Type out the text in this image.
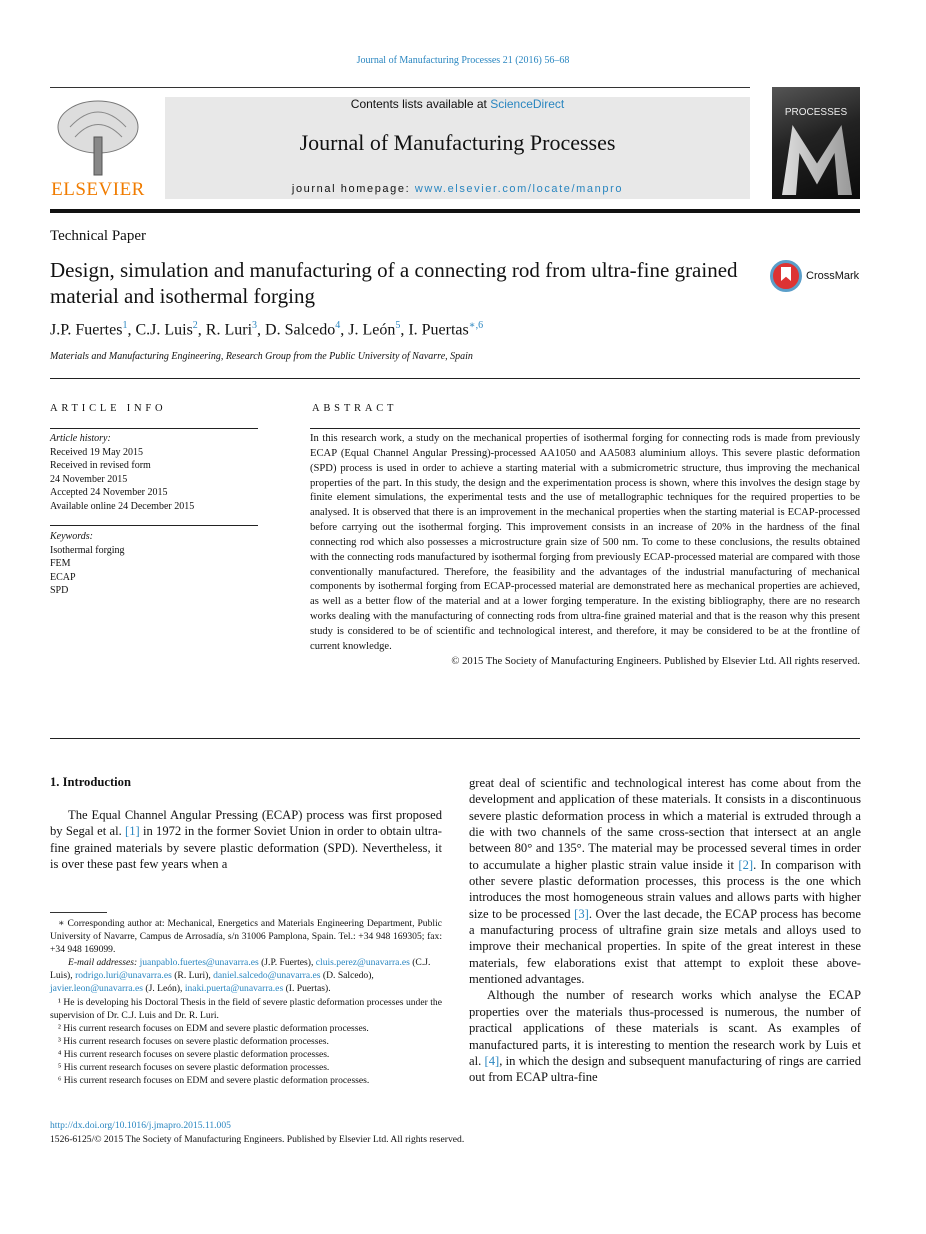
Journal of Manufacturing Processes 21 (2016) 56–68
ELSEVIER
Contents lists available at ScienceDirect
Journal of Manufacturing Processes
journal homepage: www.elsevier.com/locate/manpro
PROCESSES
Technical Paper
Design, simulation and manufacturing of a connecting rod from ultra-fine grained material and isothermal forging
CrossMark
J.P. Fuertes$^1$, C.J. Luis$^2$, R. Luri$^3$, D. Salcedo$^4$, J. León$^5$, I. Puertas$^{∗,6}$
Materials and Manufacturing Engineering, Research Group from the Public University of Navarre, Spain
ARTICLE INFO
Article history:
Received 19 May 2015
Received in revised form
24 November 2015
Accepted 24 November 2015
Available online 24 December 2015
Keywords:
Isothermal forging
FEM
ECAP
SPD
ABSTRACT
In this research work, a study on the mechanical properties of isothermal forging for connecting rods is made from previously ECAP (Equal Channel Angular Pressing)-processed AA1050 and AA5083 aluminium alloys. This severe plastic deformation (SPD) process is used in order to achieve a starting material with a submicrometric structure, thus improving the mechanical properties of the part. In this study, the design and the experimentation process is shown, where this involves the design stage by finite element simulations, the experimental tests and the use of metallographic techniques for the required properties to be analysed. It is observed that there is an improvement in the mechanical properties when the starting material is ECAP-processed before carrying out the isothermal forging. This improvement consists in an increase of 20% in the hardness of the final connecting rod which also possesses a microstructure grain size of 500 nm. To come to these conclusions, the results obtained with the connecting rods manufactured by isothermal forging from previously ECAP-processed material are compared with those conventionally manufactured. Therefore, the feasibility and the advantages of the industrial manufacturing of mechanical components by isothermal forging from ECAP-processed material are demonstrated here as mechanical properties are achieved, as well as a better flow of the material and at a lower forging temperature. In the existing bibliography, there are no research works dealing with the manufacturing of connecting rods from ultra-fine grained material and that is the reason why this present study is considered to be of scientific and technological interest, and therefore, it may be considered to be at the frontline of current knowledge.
© 2015 The Society of Manufacturing Engineers. Published by Elsevier Ltd. All rights reserved.
1. Introduction

The Equal Channel Angular Pressing (ECAP) process was first proposed by Segal et al. [1] in 1972 in the former Soviet Union in order to obtain ultra-fine grained materials by severe plastic deformation (SPD). Nevertheless, it is over these past few years when a

great deal of scientific and technological interest has come about from the development and application of these materials. It consists in a discontinuous severe plastic deformation process in which a material is extruded through a die with two channels of the same cross-section that intersect at an angle between 80° and 135°. The material may be processed several times in order to accumulate a higher plastic strain value inside it [2]. In comparison with other severe plastic deformation processes, this process is the one which introduces the most homogeneous strain values and allows parts with higher size to be processed [3]. Over the last decade, the ECAP process has become a manufacturing process of ultrafine grain size metals and alloys used to improve their mechanical properties. In spite of the great interest in these materials, few elaborations exist that attempt to exploit these above-mentioned advantages.

Although the number of research works which analyse the ECAP properties over the materials thus-processed is numerous, the number of practical applications of these materials is scant. As examples of manufactured parts, it is interesting to mention the research work by Luis et al. [4], in which the design and subsequent manufacturing of rings are carried out from ECAP ultra-fine

∗ Corresponding author at: Mechanical, Energetics and Materials Engineering Department, Public University of Navarre, Campus de Arrosadía, s/n 31006 Pamplona, Spain. Tel.: +34 948 169305; fax: +34 948 169099.

E-mail addresses: juanpablo.fuertes@unavarra.es (J.P. Fuertes), cluis.perez@unavarra.es (C.J. Luis), rodrigo.luri@unavarra.es (R. Luri), daniel.salcedo@unavarra.es (D. Salcedo), javier.leon@unavarra.es (J. León), inaki.puerta@unavarra.es (I. Puertas).

¹ He is developing his Doctoral Thesis in the field of severe plastic deformation processes under the supervision of Dr. C.J. Luis and Dr. R. Luri.

² His current research focuses on EDM and severe plastic deformation processes.

³ His current research focuses on severe plastic deformation processes.

⁴ His current research focuses on severe plastic deformation processes.

⁵ His current research focuses on severe plastic deformation processes.

⁶ His current research focuses on EDM and severe plastic deformation processes.

http://dx.doi.org/10.1016/j.jmapro.2015.11.005
1526-6125/© 2015 The Society of Manufacturing Engineers. Published by Elsevier Ltd. All rights reserved.
